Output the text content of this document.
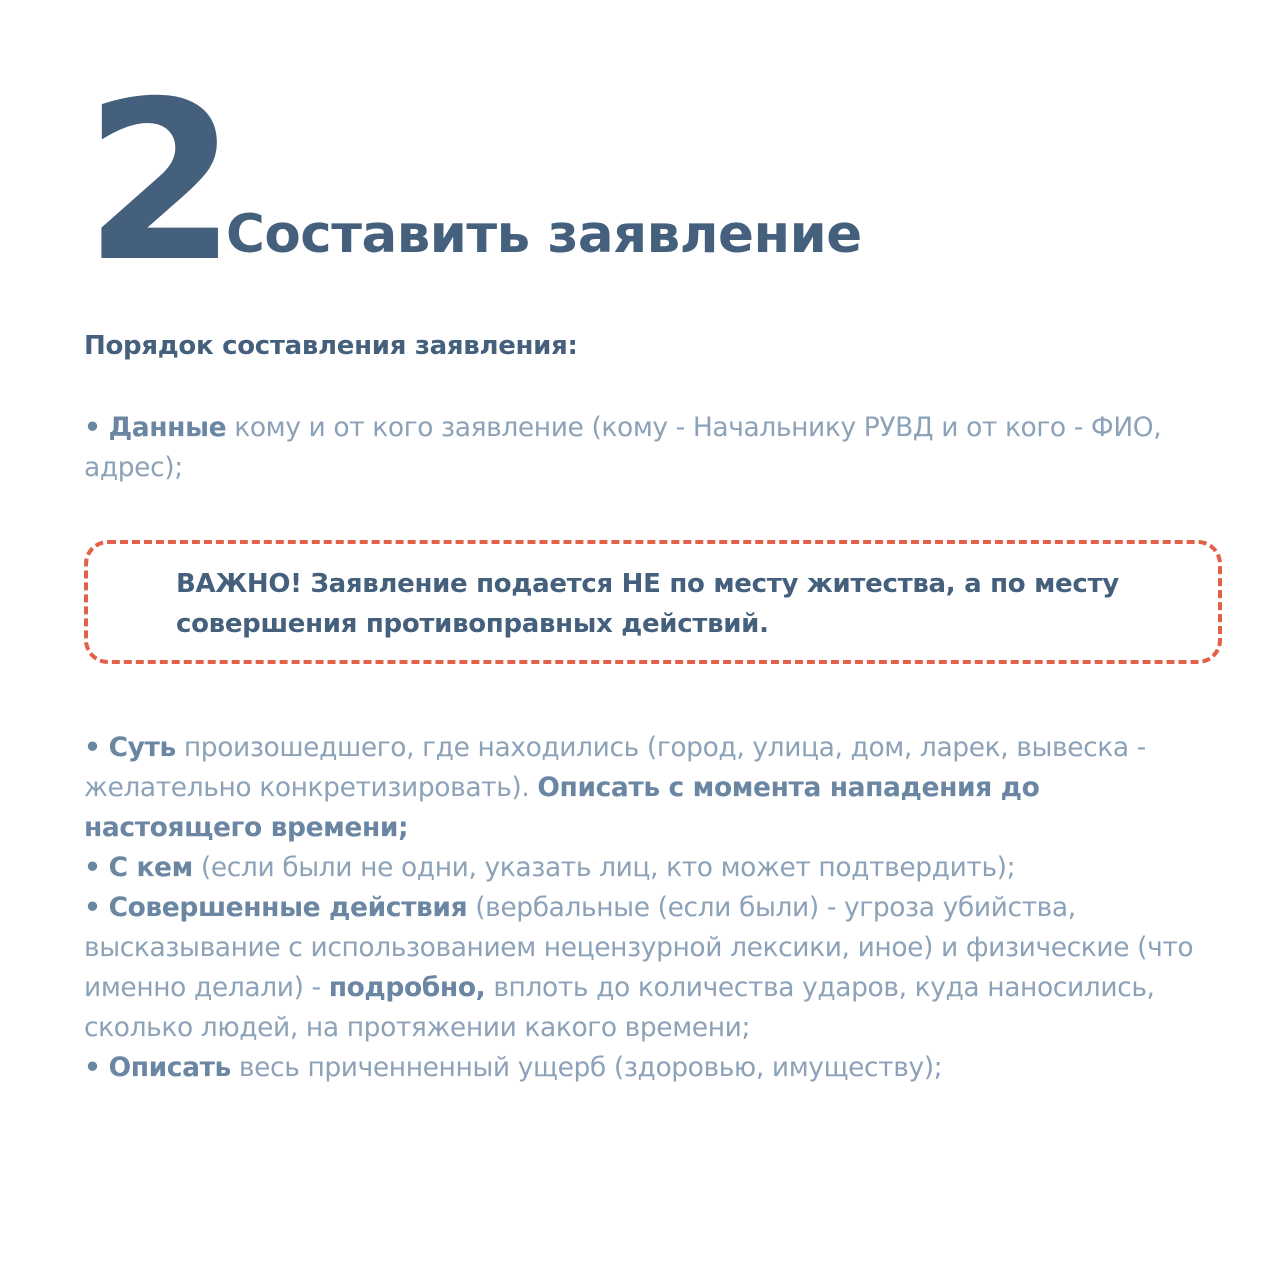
2
Составить заявление
Порядок составления заявления:
• Данные кому и от кого заявление (кому - Начальнику РУВД и от кого - ФИО, адрес);
ВАЖНО! Заявление подается НЕ по месту житества, а по месту совершения противоправных действий.
• Суть произошедшего, где находились (город, улица, дом, ларек, вывеска - желательно конкретизировать). Описать с момента нападения до настоящего времени;
• С кем (если были не одни, указать лиц, кто может подтвердить);
• Совершенные действия (вербальные (если были) - угроза убийства, высказывание с использованием нецензурной лексики, иное) и физические (что именно делали) - подробно, вплоть до количества ударов, куда наносились, сколько людей, на протяжении какого времени;
• Описать весь приченненный ущерб (здоровью, имуществу);
